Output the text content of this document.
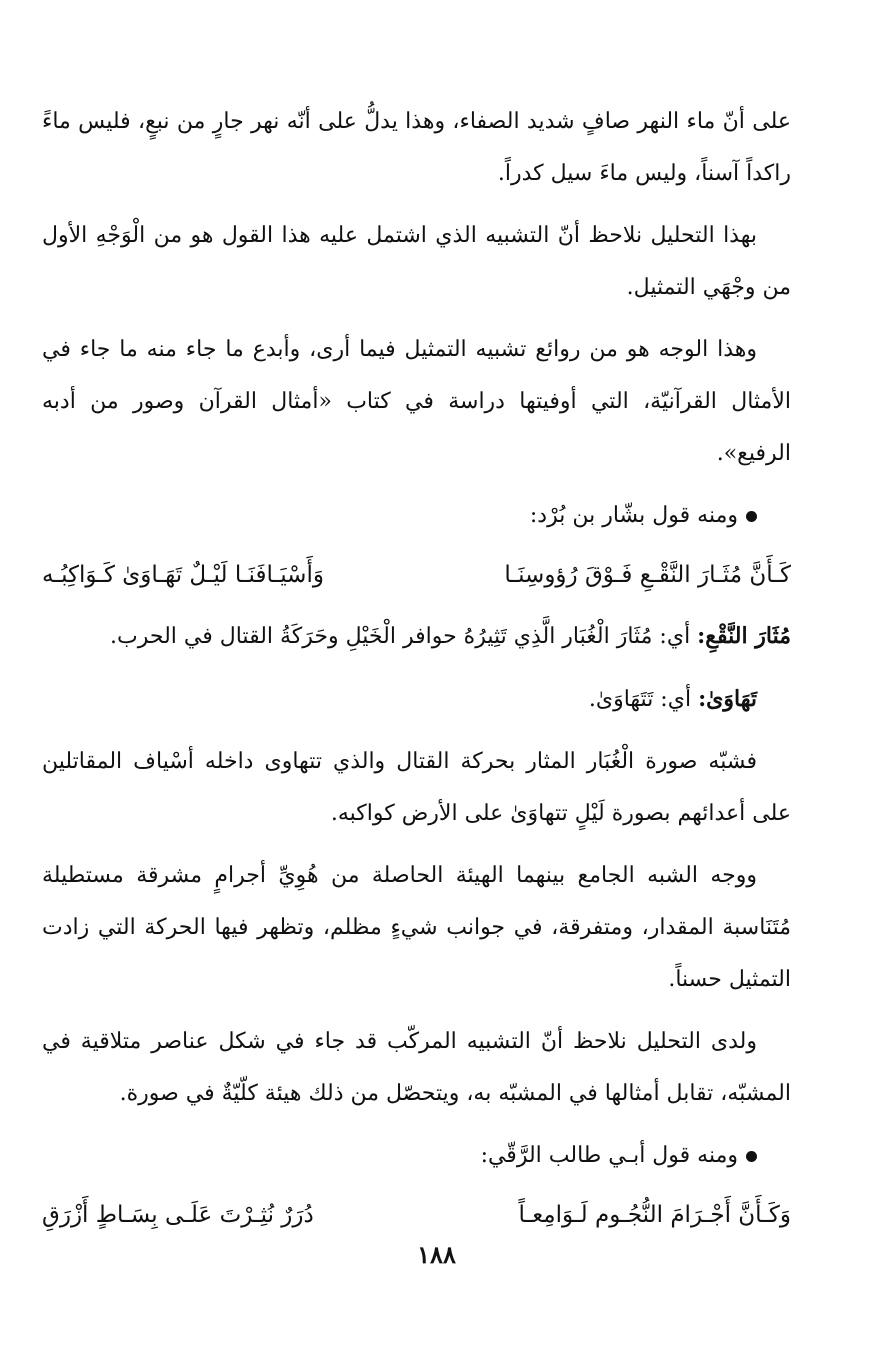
على أنّ ماء النهر صافٍ شديد الصفاء، وهذا يدلُّ على أنّه نهر جارٍ من نبعٍ، فليس ماءً راكداً آسناً، وليس ماءَ سيل كدراً.

بهذا التحليل نلاحظ أنّ التشبيه الذي اشتمل عليه هذا القول هو من الْوَجْهِ الأول من وجْهَي التمثيل.

وهذا الوجه هو من روائع تشبيه التمثيل فيما أرى، وأبدع ما جاء منه ما جاء في الأمثال القرآنيّة، التي أوفيتها دراسة في كتاب «أمثال القرآن وصور من أدبه الرفيع».

ومنه قول بشّار بن بُرْد:
كَـأَنَّ مُثَـارَ النَّقْـعِ فَـوْقَ رُؤوسِنَـا
وَأَسْيَـافَنَـا لَيْـلٌ تَهَـاوَىٰ كَـوَاكِبُـه

مُثَارَ النَّقْعِ: أي: مُثَارَ الْغُبَار الَّذِي تَثِيرُهُ حوافر الْخَيْلِ وحَرَكَةُ القتال في الحرب.

تَهَاوَىٰ: أي: تَتَهَاوَىٰ.

فشبّه صورة الْغُبَار المثار بحركة القتال والذي تتهاوى داخله أسْياف المقاتلين على أعدائهم بصورة لَيْلٍ تتهاوَىٰ على الأرض كواكبه.

ووجه الشبه الجامع بينهما الهيئة الحاصلة من هُوِيِّ أجرامٍ مشرقة مستطيلة مُتَنَاسبة المقدار، ومتفرقة، في جوانب شيءٍ مظلم، وتظهر فيها الحركة التي زادت التمثيل حسناً.

ولدى التحليل نلاحظ أنّ التشبيه المركّب قد جاء في شكل عناصر متلاقية في المشبّه، تقابل أمثالها في المشبّه به، ويتحصّل من ذلك هيئة كلّيّةٌ في صورة.

ومنه قول أبـي طالب الرَّقّي:
وَكَـأَنَّ أَجْـرَامَ النُّجُـوم لَـوَامِعـاً
دُرَرٌ نُثِـرْتَ عَلَـى بِسَـاطٍ أَزْرَقِ
١٨٨
